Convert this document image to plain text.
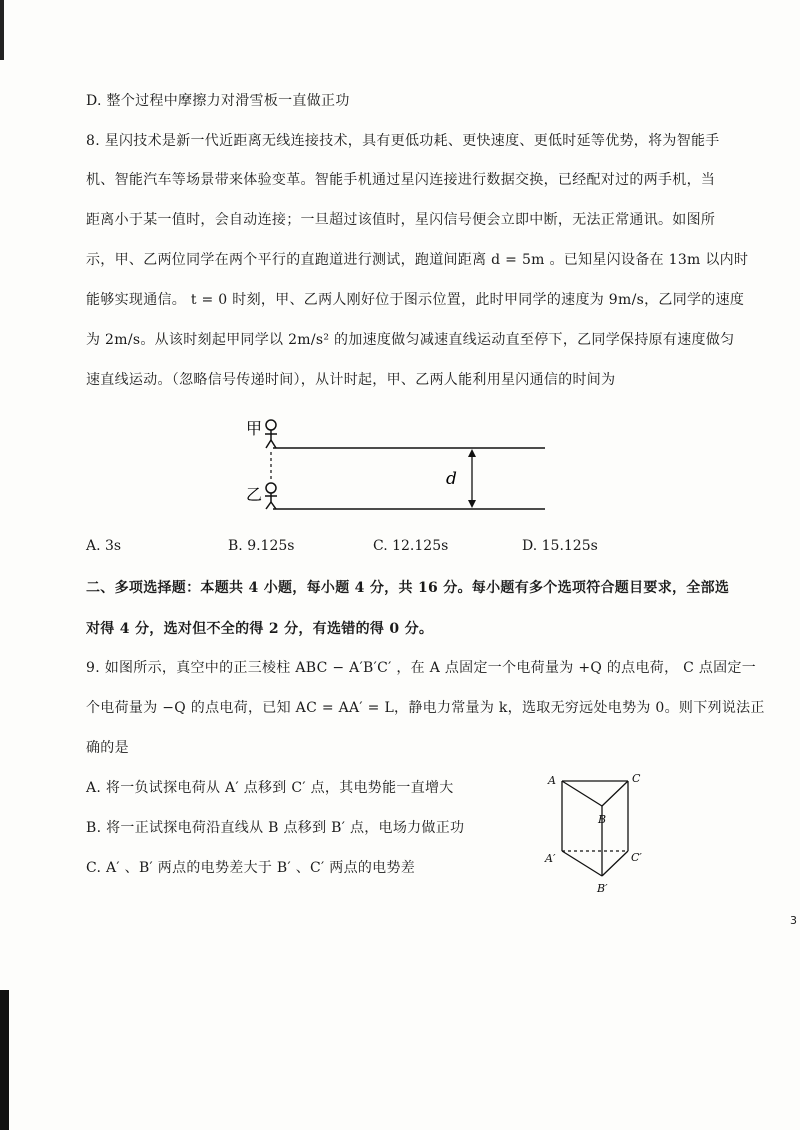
3
D. 整个过程中摩擦力对滑雪板一直做正功
8. 星闪技术是新一代近距离无线连接技术，具有更低功耗、更快速度、更低时延等优势，将为智能手
机、智能汽车等场景带来体验变革。智能手机通过星闪连接进行数据交换，已经配对过的两手机，当
距离小于某一值时，会自动连接；一旦超过该值时，星闪信号便会立即中断，无法正常通讯。如图所
示，甲、乙两位同学在两个平行的直跑道进行测试，跑道间距离 d = 5m 。已知星闪设备在 13m 以内时
能够实现通信。 t = 0 时刻，甲、乙两人刚好位于图示位置，此时甲同学的速度为 9m/s，乙同学的速度
为 2m/s。从该时刻起甲同学以 2m/s² 的加速度做匀减速直线运动直至停下，乙同学保持原有速度做匀
速直线运动。（忽略信号传递时间），从计时起，甲、乙两人能利用星闪通信的时间为
甲
乙
d
A. 3s	B. 9.125s	C. 12.125s	D. 15.125s
二、多项选择题：本题共 4 小题，每小题 4 分，共 16 分。每小题有多个选项符合题目要求，全部选
对得 4 分，选对但不全的得 2 分，有选错的得 0 分。
9. 如图所示，真空中的正三棱柱 ABC − A′B′C′ ，在 A 点固定一个电荷量为 +Q 的点电荷， C 点固定一
个电荷量为 −Q 的点电荷，已知 AC = AA′ = L，静电力常量为 k，选取无穷远处电势为 0。则下列说法正
确的是
A. 将一负试探电荷从 A′ 点移到 C′ 点，其电势能一直增大
B. 将一正试探电荷沿直线从 B 点移到 B′ 点，电场力做正功
C. A′ 、B′ 两点的电势差大于 B′ 、C′ 两点的电势差
A	C
B
A′	C′
B′
